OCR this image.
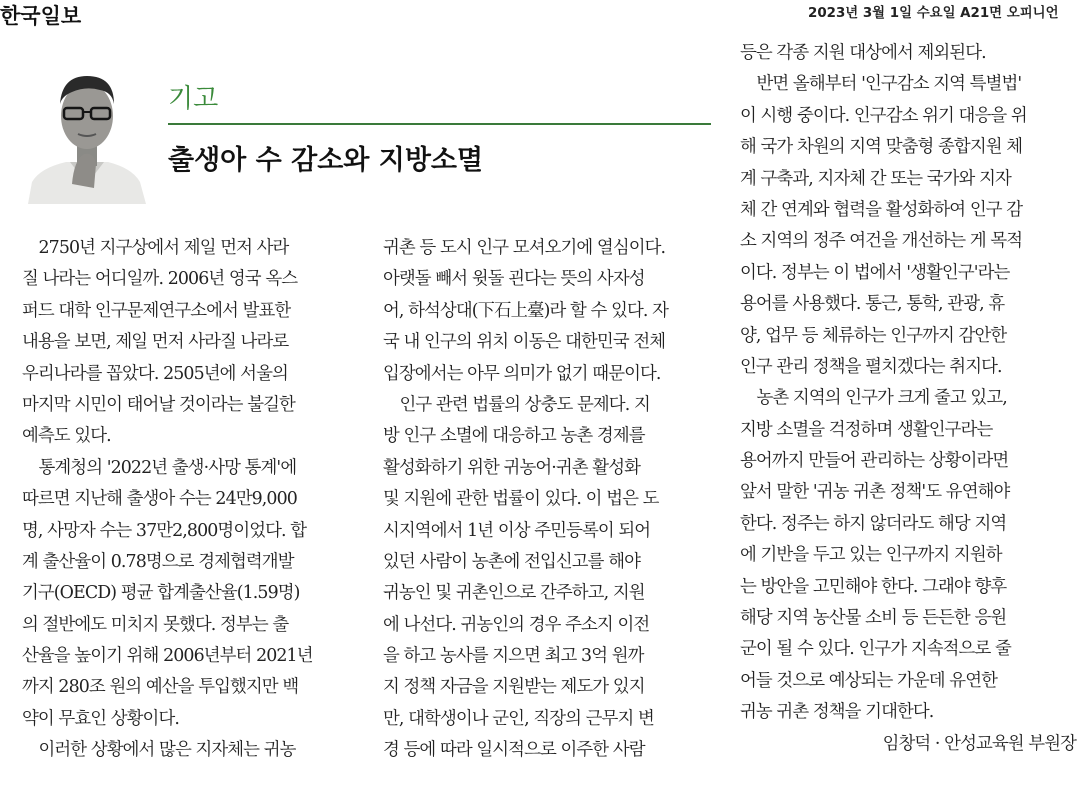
한국일보	2023년 3월 1일 수요일 A21면 오피니언
기고
출생아 수 감소와 지방소멸
　2750년 지구상에서 제일 먼저 사라
질 나라는 어디일까. 2006년 영국 옥스
퍼드 대학 인구문제연구소에서 발표한
내용을 보면, 제일 먼저 사라질 나라로
우리나라를 꼽았다. 2505년에 서울의
마지막 시민이 태어날 것이라는 불길한
예측도 있다.
　통계청의 '2022년 출생·사망 통계'에
따르면 지난해 출생아 수는 24만9,000
명, 사망자 수는 37만2,800명이었다. 합
계 출산율이 0.78명으로 경제협력개발
기구(OECD) 평균 합계출산율(1.59명)
의 절반에도 미치지 못했다. 정부는 출
산율을 높이기 위해 2006년부터 2021년
까지 280조 원의 예산을 투입했지만 백
약이 무효인 상황이다.
　이러한 상황에서 많은 지자체는 귀농
귀촌 등 도시 인구 모셔오기에 열심이다.
아랫돌 빼서 윗돌 괸다는 뜻의 사자성
어, 하석상대(下石上臺)라 할 수 있다. 자
국 내 인구의 위치 이동은 대한민국 전체
입장에서는 아무 의미가 없기 때문이다.
　인구 관련 법률의 상충도 문제다. 지
방 인구 소멸에 대응하고 농촌 경제를
활성화하기 위한 귀농어·귀촌 활성화
및 지원에 관한 법률이 있다. 이 법은 도
시지역에서 1년 이상 주민등록이 되어
있던 사람이 농촌에 전입신고를 해야
귀농인 및 귀촌인으로 간주하고, 지원
에 나선다. 귀농인의 경우 주소지 이전
을 하고 농사를 지으면 최고 3억 원까
지 정책 자금을 지원받는 제도가 있지
만, 대학생이나 군인, 직장의 근무지 변
경 등에 따라 일시적으로 이주한 사람
등은 각종 지원 대상에서 제외된다.
　반면 올해부터 '인구감소 지역 특별법'
이 시행 중이다. 인구감소 위기 대응을 위
해 국가 차원의 지역 맞춤형 종합지원 체
계 구축과, 지자체 간 또는 국가와 지자
체 간 연계와 협력을 활성화하여 인구 감
소 지역의 정주 여건을 개선하는 게 목적
이다. 정부는 이 법에서 '생활인구'라는
용어를 사용했다. 통근, 통학, 관광, 휴
양, 업무 등 체류하는 인구까지 감안한
인구 관리 정책을 펼치겠다는 취지다.
　농촌 지역의 인구가 크게 줄고 있고,
지방 소멸을 걱정하며 생활인구라는
용어까지 만들어 관리하는 상황이라면
앞서 말한 '귀농 귀촌 정책'도 유연해야
한다. 정주는 하지 않더라도 해당 지역
에 기반을 두고 있는 인구까지 지원하
는 방안을 고민해야 한다. 그래야 향후
해당 지역 농산물 소비 등 든든한 응원
군이 될 수 있다. 인구가 지속적으로 줄
어들 것으로 예상되는 가운데 유연한
귀농 귀촌 정책을 기대한다.
임창덕 · 안성교육원 부원장
